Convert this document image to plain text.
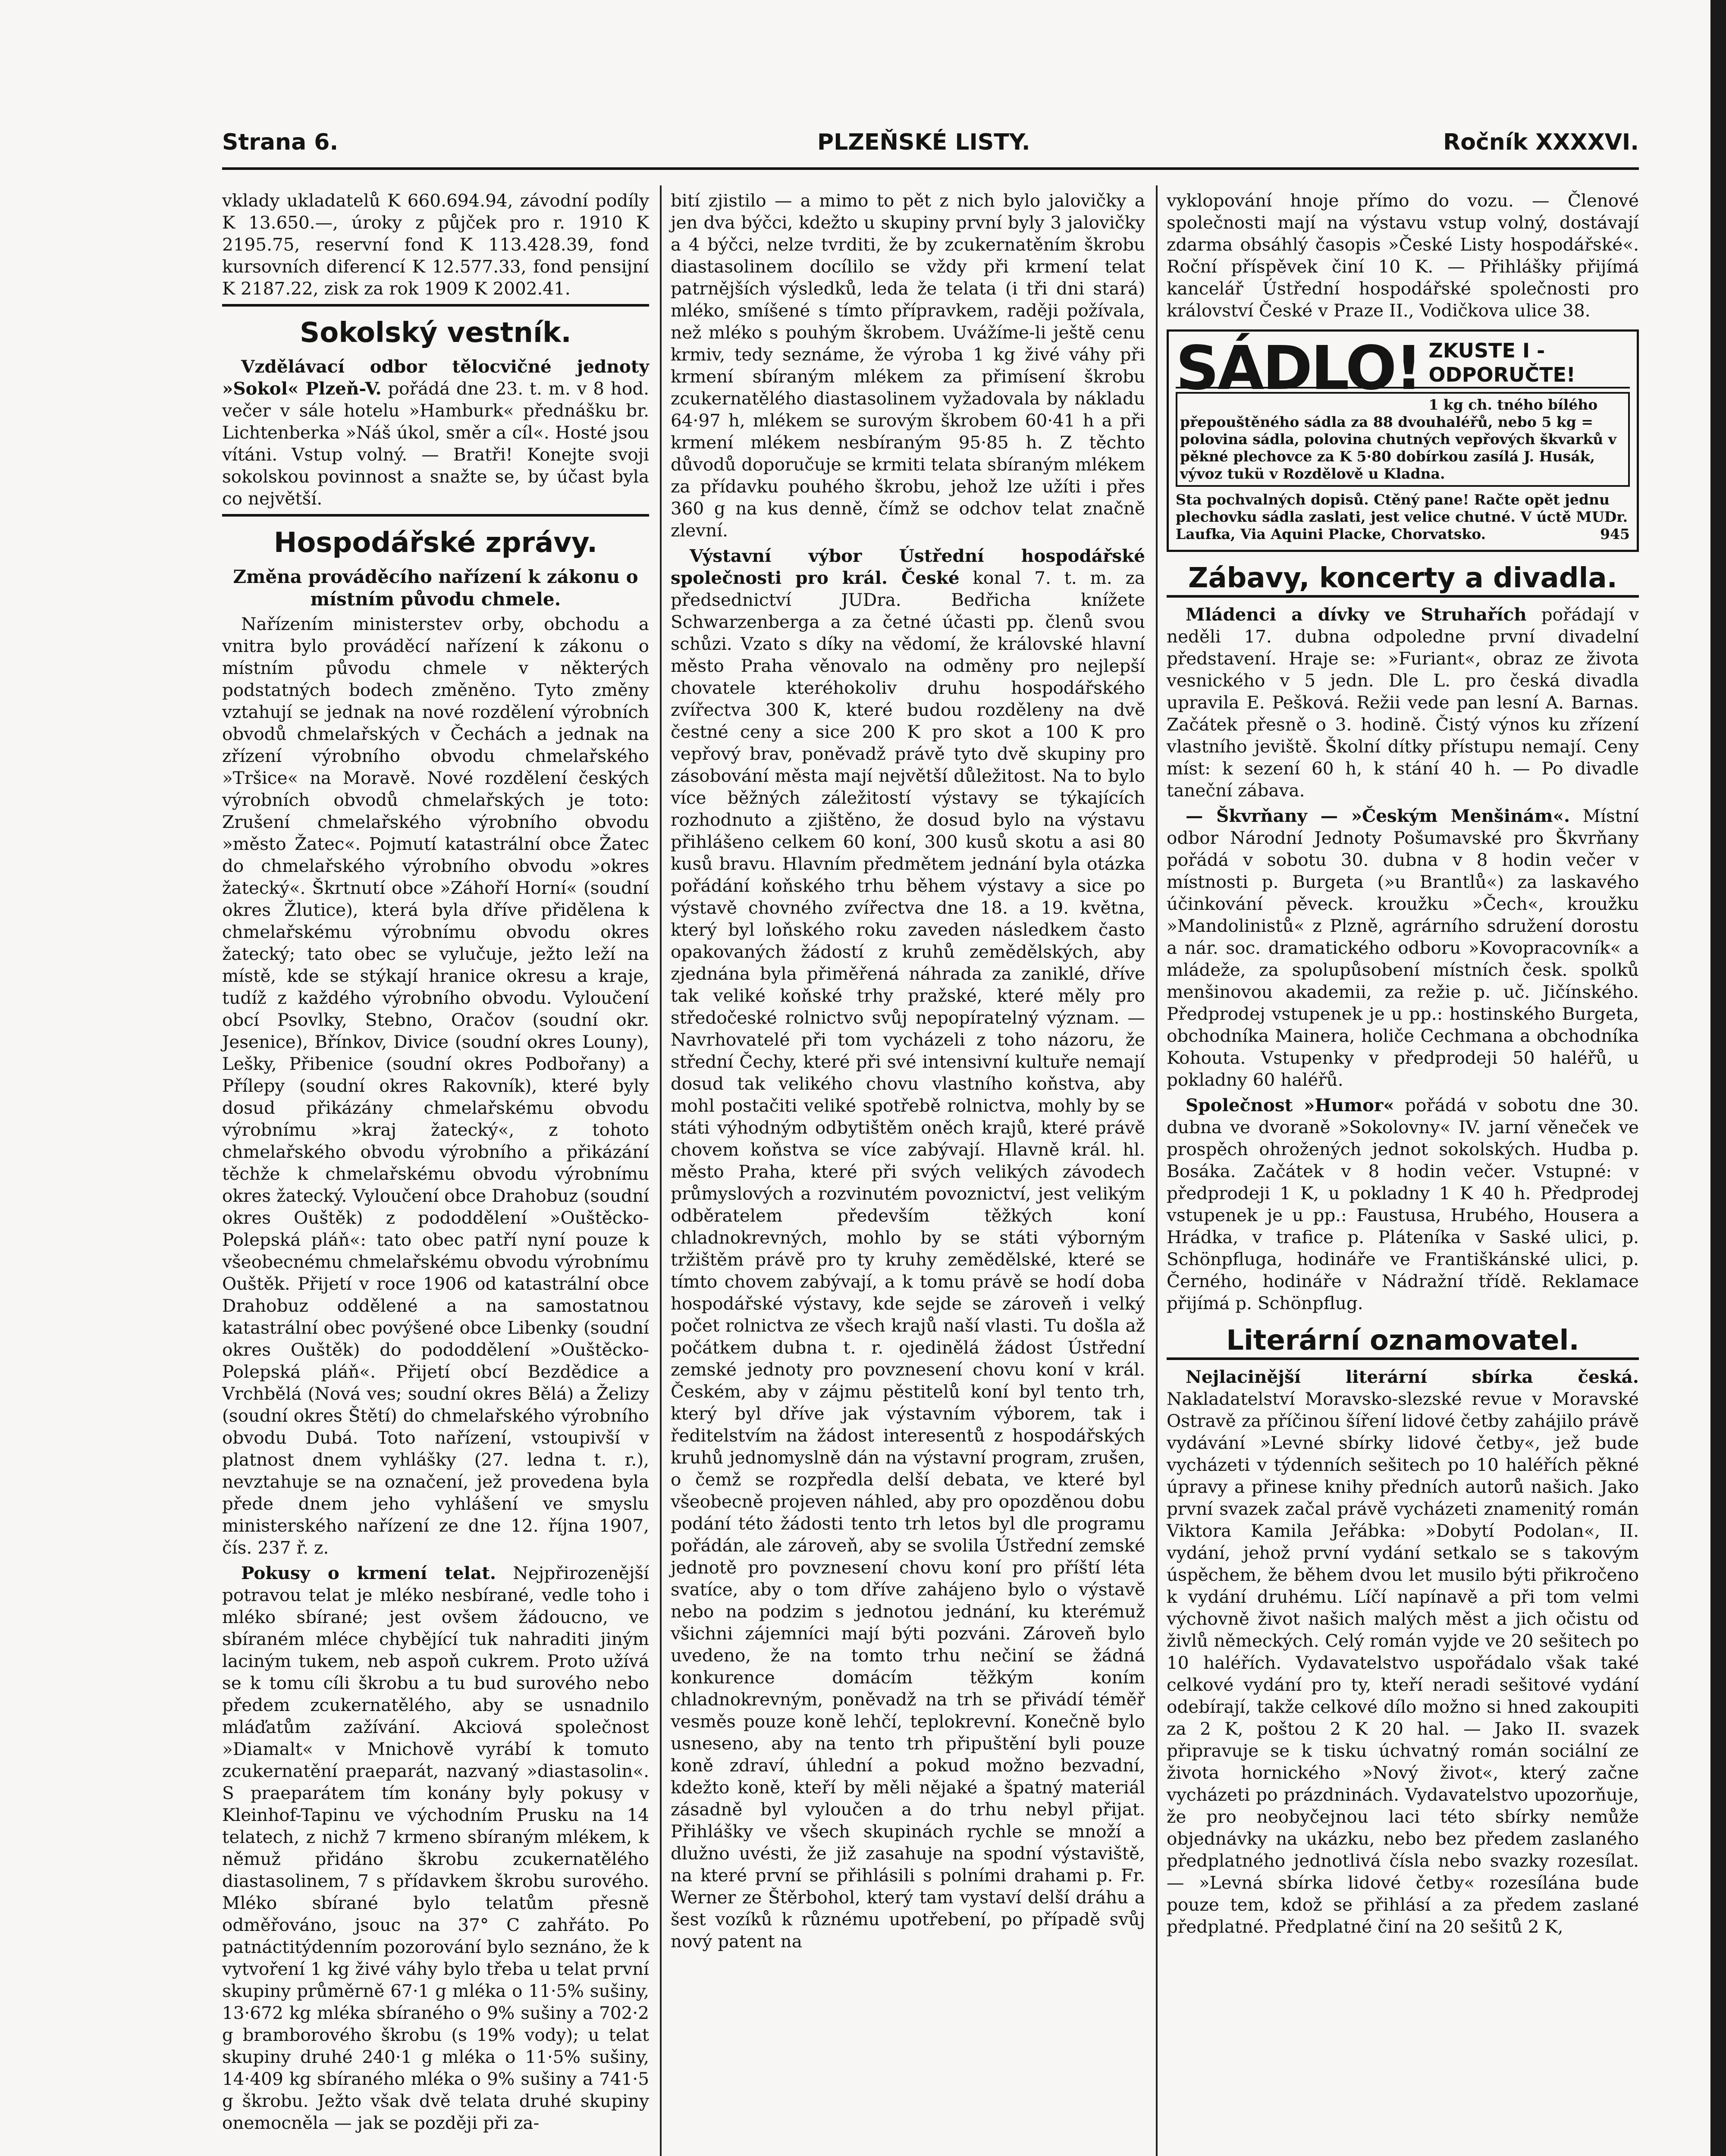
Strana 6.	PLZEŇSKÉ LISTY.	Ročník XXXXVI.

vklady ukladatelů K 660.694.94, závodní podíly K 13.650.—, úroky z půjček pro r. 1910 K 2195.75, reservní fond K 113.428.39, fond kursovních diferencí K 12.577.33, fond pensijní K 2187.22, zisk za rok 1909 K 2002.41.

Sokolský vestník.

Vzdělávací odbor tělocvičné jednoty »Sokol« Plzeň-V. pořádá dne 23. t. m. v 8 hod. večer v sále hotelu »Hamburk« přednášku br. Lichtenberka »Náš úkol, směr a cíl«. Hosté jsou vítáni. Vstup volný. — Bratři! Konejte svoji sokolskou povinnost a snažte se, by účast byla co největší.

Hospodářské zprávy.
Změna prováděcího nařízení k zákonu o místním původu chmele.

Nařízením ministerstev orby, obchodu a vnitra bylo prováděcí nařízení k zákonu o místním původu chmele v některých podstatných bodech změněno. Tyto změny vztahují se jednak na nové rozdělení výrobních obvodů chmelařských v Čechách a jednak na zřízení výrobního obvodu chmelařského »Tršice« na Moravě. Nové rozdělení českých výrobních obvodů chmelařských je toto: Zrušení chmelařského výrobního obvodu »město Žatec«. Pojmutí katastrální obce Žatec do chmelařského výrobního obvodu »okres žatecký«. Škrtnutí obce »Záhoří Horní« (soudní okres Žlutice), která byla dříve přidělena k chmelařskému výrobnímu obvodu okres žatecký; tato obec se vylučuje, ježto leží na místě, kde se stýkají hranice okresu a kraje, tudíž z každého výrobního obvodu. Vyloučení obcí Psovlky, Stebno, Oračov (soudní okr. Jesenice), Břínkov, Divice (soudní okres Louny), Lešky, Přibenice (soudní okres Podbořany) a Přílepy (soudní okres Rakovník), které byly dosud přikázány chmelařskému obvodu výrobnímu »kraj žatecký«, z tohoto chmelařského obvodu výrobního a přikázání těchže k chmelařskému obvodu výrobnímu okres žatecký. Vyloučení obce Drahobuz (soudní okres Ouštěk) z pododdělení »Ouštěcko-Polepská pláň«: tato obec patří nyní pouze k všeobecnému chmelařskému obvodu výrobnímu Ouštěk. Přijetí v roce 1906 od katastrální obce Drahobuz oddělené a na samostatnou katastrální obec povýšené obce Libenky (soudní okres Ouštěk) do pododdělení »Ouštěcko-Polepská pláň«. Přijetí obcí Bezdědice a Vrchbělá (Nová ves; soudní okres Bělá) a Želizy (soudní okres Štětí) do chmelařského výrobního obvodu Dubá. Toto nařízení, vstoupivší v platnost dnem vyhlášky (27. ledna t. r.), nevztahuje se na označení, jež provedena byla přede dnem jeho vyhlášení ve smyslu ministerského nařízení ze dne 12. října 1907, čís. 237 ř. z.

Pokusy o krmení telat. Nejpřirozenější potravou telat je mléko nesbírané, vedle toho i mléko sbírané; jest ovšem žádoucno, ve sbíraném mléce chybějící tuk nahraditi jiným laciným tukem, neb aspoň cukrem. Proto užívá se k tomu cíli škrobu a tu bud surového nebo předem zcukernatělého, aby se usnadnilo mláďatům zažívání. Akciová společnost »Diamalt« v Mnichově vyrábí k tomuto zcukernatění praeparát, nazvaný »diastasolin«. S praeparátem tím konány byly pokusy v Kleinhof-Tapinu ve východním Prusku na 14 telatech, z nichž 7 krmeno sbíraným mlékem, k němuž přidáno škrobu zcukernatělého diastasolinem, 7 s přídavkem škrobu surového. Mléko sbírané bylo telatům přesně odměřováno, jsouc na 37° C zahřáto. Po patnáctitýdenním pozorování bylo seznáno, že k vytvoření 1 kg živé váhy bylo třeba u telat první skupiny průměrně 67·1 g mléka o 11·5% sušiny, 13·672 kg mléka sbíraného o 9% sušiny a 702·2 g bramborového škrobu (s 19% vody); u telat skupiny druhé 240·1 g mléka o 11·5% sušiny, 14·409 kg sbíraného mléka o 9% sušiny a 741·5 g škrobu. Ježto však dvě telata druhé skupiny onemocněla — jak se později při za-

bití zjistilo — a mimo to pět z nich bylo jalovičky a jen dva býčci, kdežto u skupiny první byly 3 jalovičky a 4 býčci, nelze tvrditi, že by zcukernatěním škrobu diastasolinem docílilo se vždy při krmení telat patrnějších výsledků, leda že telata (i tři dni stará) mléko, smíšené s tímto přípravkem, raději požívala, než mléko s pouhým škrobem. Uvážíme-li ještě cenu krmiv, tedy seznáme, že výroba 1 kg živé váhy při krmení sbíraným mlékem za přimísení škrobu zcukernatělého diastasolinem vyžadovala by nákladu 64·97 h, mlékem se surovým škrobem 60·41 h a při krmení mlékem nesbíraným 95·85 h. Z těchto důvodů doporučuje se krmiti telata sbíraným mlékem za přídavku pouhého škrobu, jehož lze užíti i přes 360 g na kus denně, čímž se odchov telat značně zlevní.

Výstavní výbor Ústřední hospodářské společnosti pro král. České konal 7. t. m. za předsednictví JUDra. Bedřicha knížete Schwarzenberga a za četné účasti pp. členů svou schůzi. Vzato s díky na vědomí, že královské hlavní město Praha věnovalo na odměny pro nejlepší chovatele kteréhokoliv druhu hospodářského zvířectva 300 K, které budou rozděleny na dvě čestné ceny a sice 200 K pro skot a 100 K pro vepřový brav, poněvadž právě tyto dvě skupiny pro zásobování města mají největší důležitost. Na to bylo více běžných záležitostí výstavy se týkajících rozhodnuto a zjištěno, že dosud bylo na výstavu přihlášeno celkem 60 koní, 300 kusů skotu a asi 80 kusů bravu. Hlavním předmětem jednání byla otázka pořádání koňského trhu během výstavy a sice po výstavě chovného zvířectva dne 18. a 19. května, který byl loňského roku zaveden následkem často opakovaných žádostí z kruhů zemědělských, aby zjednána byla přiměřená náhrada za zaniklé, dříve tak veliké koňské trhy pražské, které měly pro středočeské rolnictvo svůj nepopíratelný význam. — Navrhovatelé při tom vycházeli z toho názoru, že střední Čechy, které při své intensivní kultuře nemají dosud tak velikého chovu vlastního koňstva, aby mohl postačiti veliké spotřebě rolnictva, mohly by se státi výhodným odbytištěm oněch krajů, které právě chovem koňstva se více zabývají. Hlavně král. hl. město Praha, které při svých velikých závodech průmyslových a rozvinutém povoznictví, jest velikým odběratelem především těžkých koní chladnokrevných, mohlo by se státi výborným tržištěm právě pro ty kruhy zemědělské, které se tímto chovem zabývají, a k tomu právě se hodí doba hospodářské výstavy, kde sejde se zároveň i velký počet rolnictva ze všech krajů naší vlasti. Tu došla až počátkem dubna t. r. ojedinělá žádost Ústřední zemské jednoty pro povznesení chovu koní v král. Českém, aby v zájmu pěstitelů koní byl tento trh, který byl dříve jak výstavním výborem, tak i ředitelstvím na žádost interesentů z hospodářských kruhů jednomyslně dán na výstavní program, zrušen, o čemž se rozpředla delší debata, ve které byl všeobecně projeven náhled, aby pro opozděnou dobu podání této žádosti tento trh letos byl dle programu pořádán, ale zároveň, aby se svolila Ústřední zemské jednotě pro povznesení chovu koní pro příští léta svatíce, aby o tom dříve zahájeno bylo o výstavě nebo na podzim s jednotou jednání, ku kterémuž všichni zájemníci mají býti pozváni. Zároveň bylo uvedeno, že na tomto trhu nečiní se žádná konkurence domácím těžkým koním chladnokrevným, poněvadž na trh se přivádí téměř vesměs pouze koně lehčí, teplokrevní. Konečně bylo usneseno, aby na tento trh připuštění byli pouze koně zdraví, úhlední a pokud možno bezvadní, kdežto koně, kteří by měli nějaké a špatný materiál zásadně byl vyloučen a do trhu nebyl přijat. Přihlášky ve všech skupinách rychle se množí a dlužno uvésti, že již zasahuje na spodní výstaviště, na které první se přihlásili s polními drahami p. Fr. Werner ze Štěrbohol, který tam vystaví delší dráhu a šest vozíků k různému upotřebení, po případě svůj nový patent na

vyklopování hnoje přímo do vozu. — Členové společnosti mají na výstavu vstup volný, dostávají zdarma obsáhlý časopis »České Listy hospodářské«. Roční příspěvek činí 10 K. — Přihlášky přijímá kancelář Ústřední hospodářské společnosti pro království České v Praze II., Vodičkova ulice 38.

SÁDLO! ZKUSTE I - ODPORUČTE!
1 kg ch. tného bílého přepouštěného sádla za 88 dvouhaléřů, nebo 5 kg = polovina sádla, polovina chutných vepřových škvarků v pěkné plechovce za K 5·80 dobírkou zasílá J. Husák, vývoz tukü v Rozdělově u Kladna.
Sta pochvalných dopisů. Ctěný pane! Račte opět jednu plechovku sádla zaslati, jest velice chutné. V úctě MUDr. Laufka, Via Aquini Placke, Chorvatsko.	945
Zábavy, koncerty a divadla.

Mládenci a dívky ve Struhařích pořádají v neděli 17. dubna odpoledne první divadelní představení. Hraje se: »Furiant«, obraz ze života vesnického v 5 jedn. Dle L. pro česká divadla upravila E. Pešková. Režii vede pan lesní A. Barnas. Začátek přesně o 3. hodině. Čistý výnos ku zřízení vlastního jeviště. Školní dítky přístupu nemají. Ceny míst: k sezení 60 h, k stání 40 h. — Po divadle taneční zábava.

— Škvrňany — »Českým Menšinám«. Místní odbor Národní Jednoty Pošumavské pro Škvrňany pořádá v sobotu 30. dubna v 8 hodin večer v místnosti p. Burgeta (»u Brantlů«) za laskavého účinkování pěveck. kroužku »Čech«, kroužku »Mandolinistů« z Plzně, agrárního sdružení dorostu a nár. soc. dramatického odboru »Kovopracovník« a mládeže, za spolupůsobení místních česk. spolků menšinovou akademii, za režie p. uč. Jičínského. Předprodej vstupenek je u pp.: hostinského Burgeta, obchodníka Mainera, holiče Cechmana a obchodníka Kohouta. Vstupenky v předprodeji 50 haléřů, u pokladny 60 haléřů.

Společnost »Humor« pořádá v sobotu dne 30. dubna ve dvoraně »Sokolovny« IV. jarní věneček ve prospěch ohrožených jednot sokolských. Hudba p. Bosáka. Začátek v 8 hodin večer. Vstupné: v předprodeji 1 K, u pokladny 1 K 40 h. Předprodej vstupenek je u pp.: Faustusa, Hrubého, Housera a Hrádka, v trafice p. Pláteníka v Saské ulici, p. Schönpfluga, hodináře ve Františkánské ulici, p. Černého, hodináře v Nádražní třídě. Reklamace přijímá p. Schönpflug.

Literární oznamovatel.

Nejlacinější literární sbírka česká. Nakladatelství Moravsko-slezské revue v Moravské Ostravě za příčinou šíření lidové četby zahájilo právě vydávání »Levné sbírky lidové četby«, jež bude vycházeti v týdenních sešitech po 10 haléřích pěkné úpravy a přinese knihy předních autorů našich. Jako první svazek začal právě vycházeti znamenitý román Viktora Kamila Jeřábka: »Dobytí Podolan«, II. vydání, jehož první vydání setkalo se s takovým úspěchem, že během dvou let musilo býti přikročeno k vydání druhému. Líčí napínavě a při tom velmi výchovně život našich malých měst a jich očistu od živlů německých. Celý román vyjde ve 20 sešitech po 10 haléřích. Vydavatelstvo uspořádalo však také celkové vydání pro ty, kteří neradi sešitové vydání odebírají, takže celkové dílo možno si hned zakoupiti za 2 K, poštou 2 K 20 hal. — Jako II. svazek připravuje se k tisku úchvatný román sociální ze života hornického »Nový život«, který začne vycházeti po prázdninách. Vydavatelstvo upozorňuje, že pro neobyčejnou laci této sbírky nemůže objednávky na ukázku, nebo bez předem zaslaného předplatného jednotlivá čísla nebo svazky rozesílat. — »Levná sbírka lidové četby« rozesílána bude pouze tem, kdož se přihlásí a za předem zaslané předplatné. Předplatné činí na 20 sešitů 2 K,
